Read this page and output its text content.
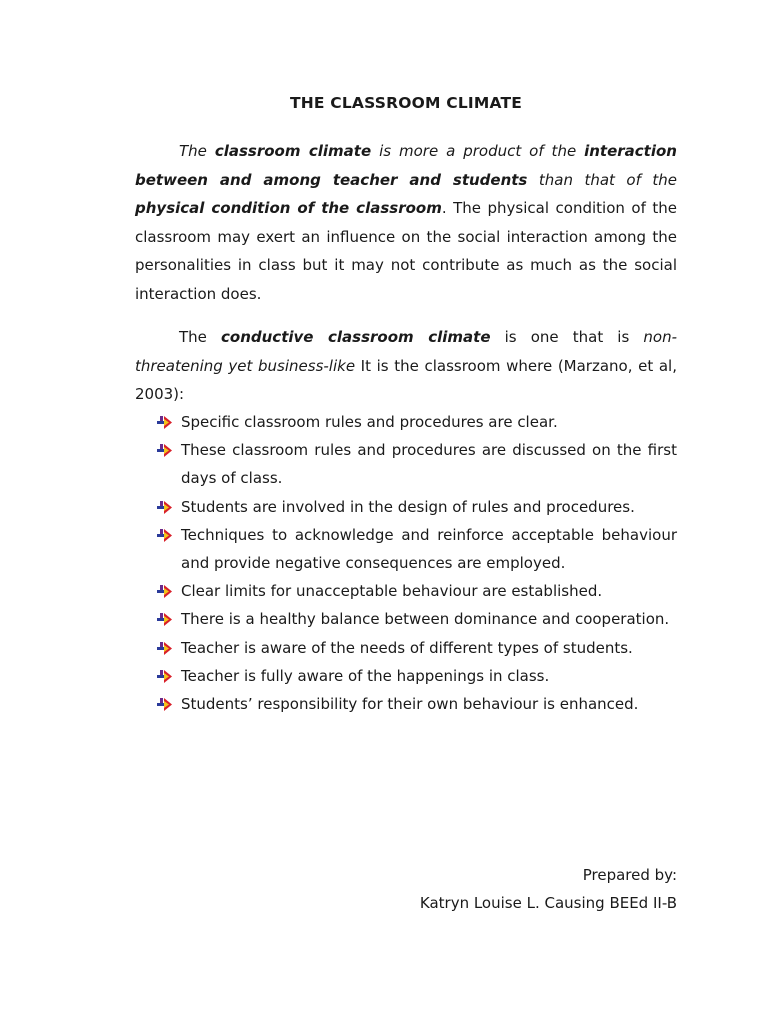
THE CLASSROOM CLIMATE

The classroom climate is more a product of the interaction between and among teacher and students than that of the physical condition of the classroom. The physical condition of the classroom may exert an influence on the social interaction among the personalities in class but it may not contribute as much as the social interaction does.

The conductive classroom climate is one that is non-threatening yet business-like It is the classroom where (Marzano, et al, 2003):

Specific classroom rules and procedures are clear.
These classroom rules and procedures are discussed on the first days of class.
Students are involved in the design of rules and procedures.
Techniques to acknowledge and reinforce acceptable behaviour and provide negative consequences are employed.
Clear limits for unacceptable behaviour are established.
There is a healthy balance between dominance and cooperation.
Teacher is aware of the needs of different types of students.
Teacher is fully aware of the happenings in class.
Students’ responsibility for their own behaviour is enhanced.
Prepared by:
Katryn Louise L. Causing BEEd II-B
